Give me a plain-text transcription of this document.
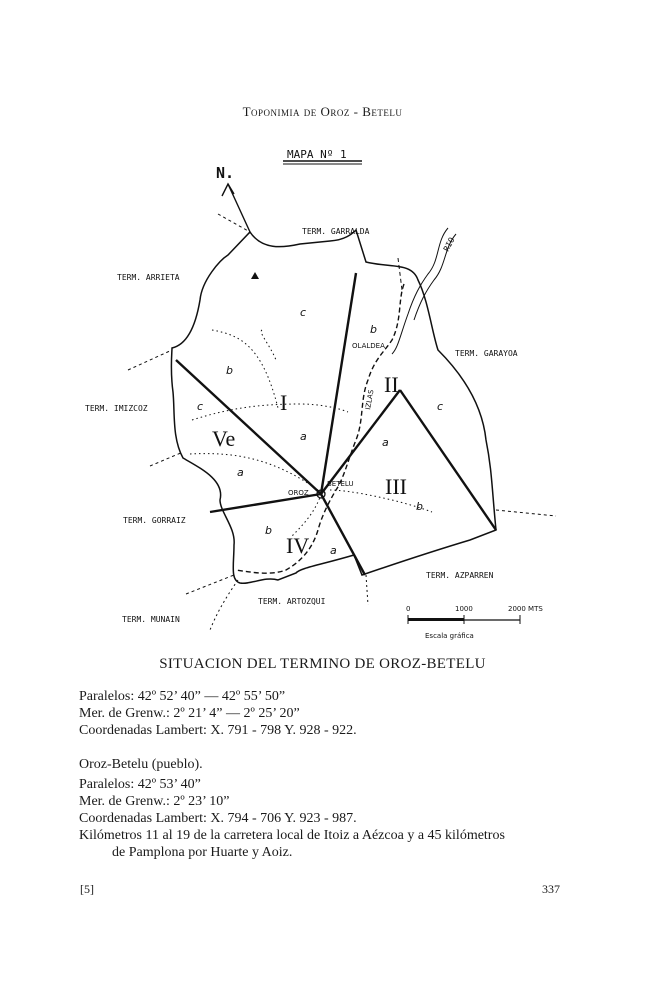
Toponimia de Oroz - Betelu
MAPA Nº 1
N.
RIO
TERM. GARRALDA
TERM. ARRIETA
TERM. IMIZCOZ
TERM. GARAYOA
TERM. GORRAIZ
TERM. AZPARREN
TERM. ARTOZQUI
TERM. MUNAIN
OLALDEA
OROZ
BETELU
IZLAS
I
II
III
IV
Ve
c
b
c
a
a
b
c
a
b
b
a
0	1000	2000 MTS
Escala gráfica
SITUACION DEL TERMINO DE OROZ-BETELU
Paralelos: 42º 52’ 40” — 42º 55’ 50”
Mer. de Grenw.: 2º 21’ 4” — 2º 25’ 20”
Coordenadas Lambert: X. 791 - 798 Y. 928 - 922.
Oroz-Betelu (pueblo).
Paralelos: 42º 53’ 40”
Mer. de Grenw.: 2º 23’ 10”
Coordenadas Lambert: X. 794 - 706 Y. 923 - 987.
Kilómetros 11 al 19 de la carretera local de Itoiz a Aézcoa y a 45 kilómetros
de Pamplona por Huarte y Aoiz.
[5]	337
